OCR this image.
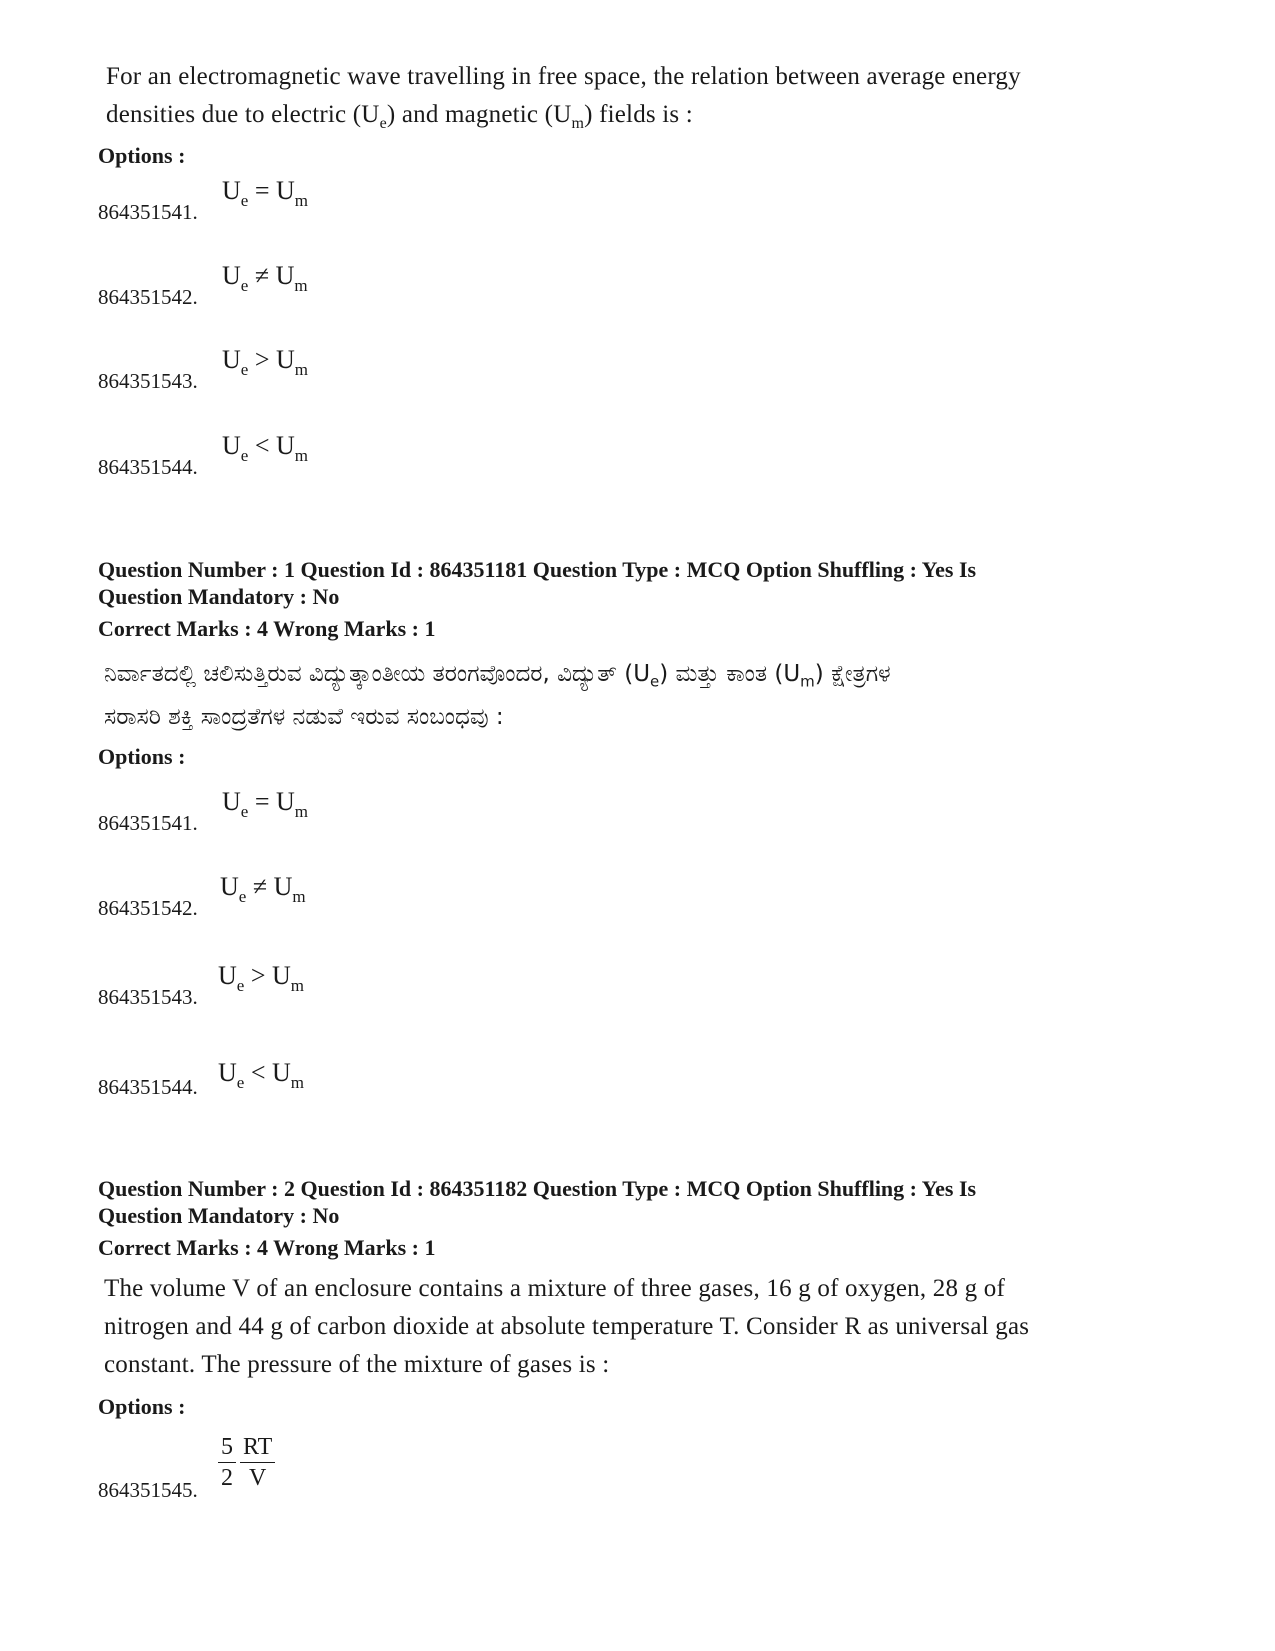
For an electromagnetic wave travelling in free space, the relation between average energy
densities due to electric $(U_e)$ and magnetic $(U_m)$ fields is :
Options :
$U_e = U_m$
864351541.
$U_e \ne U_m$
864351542.
$U_e > U_m$
864351543.
$U_e < U_m$
864351544.
Question Number : 1 Question Id : 864351181 Question Type : MCQ Option Shuffling : Yes Is
Question Mandatory : No
Correct Marks : 4 Wrong Marks : 1
ನಿರ್ವಾತದಲ್ಲಿ ಚಲಿಸುತ್ತಿರುವ ವಿದ್ಯುತ್ಕಾಂತೀಯ ತರಂಗವೊಂದರ, ವಿದ್ಯುತ್ $(U_e)$ ಮತ್ತು ಕಾಂತ $(U_m)$ ಕ್ಷೇತ್ರಗಳ
ಸರಾಸರಿ ಶಕ್ತಿ ಸಾಂದ್ರತೆಗಳ ನಡುವೆ ಇರುವ ಸಂಬಂಧವು :
Options :
$U_e = U_m$
864351541.
$U_e \ne U_m$
864351542.
$U_e > U_m$
864351543.
$U_e < U_m$
864351544.
Question Number : 2 Question Id : 864351182 Question Type : MCQ Option Shuffling : Yes Is
Question Mandatory : No
Correct Marks : 4 Wrong Marks : 1
The volume V of an enclosure contains a mixture of three gases, 16 g of oxygen, 28 g of
nitrogen and 44 g of carbon dioxide at absolute temperature T. Consider R as universal gas
constant. The pressure of the mixture of gases is :
Options :
$\frac{5}{2}$
$\frac{RT}{V}$
864351545.
